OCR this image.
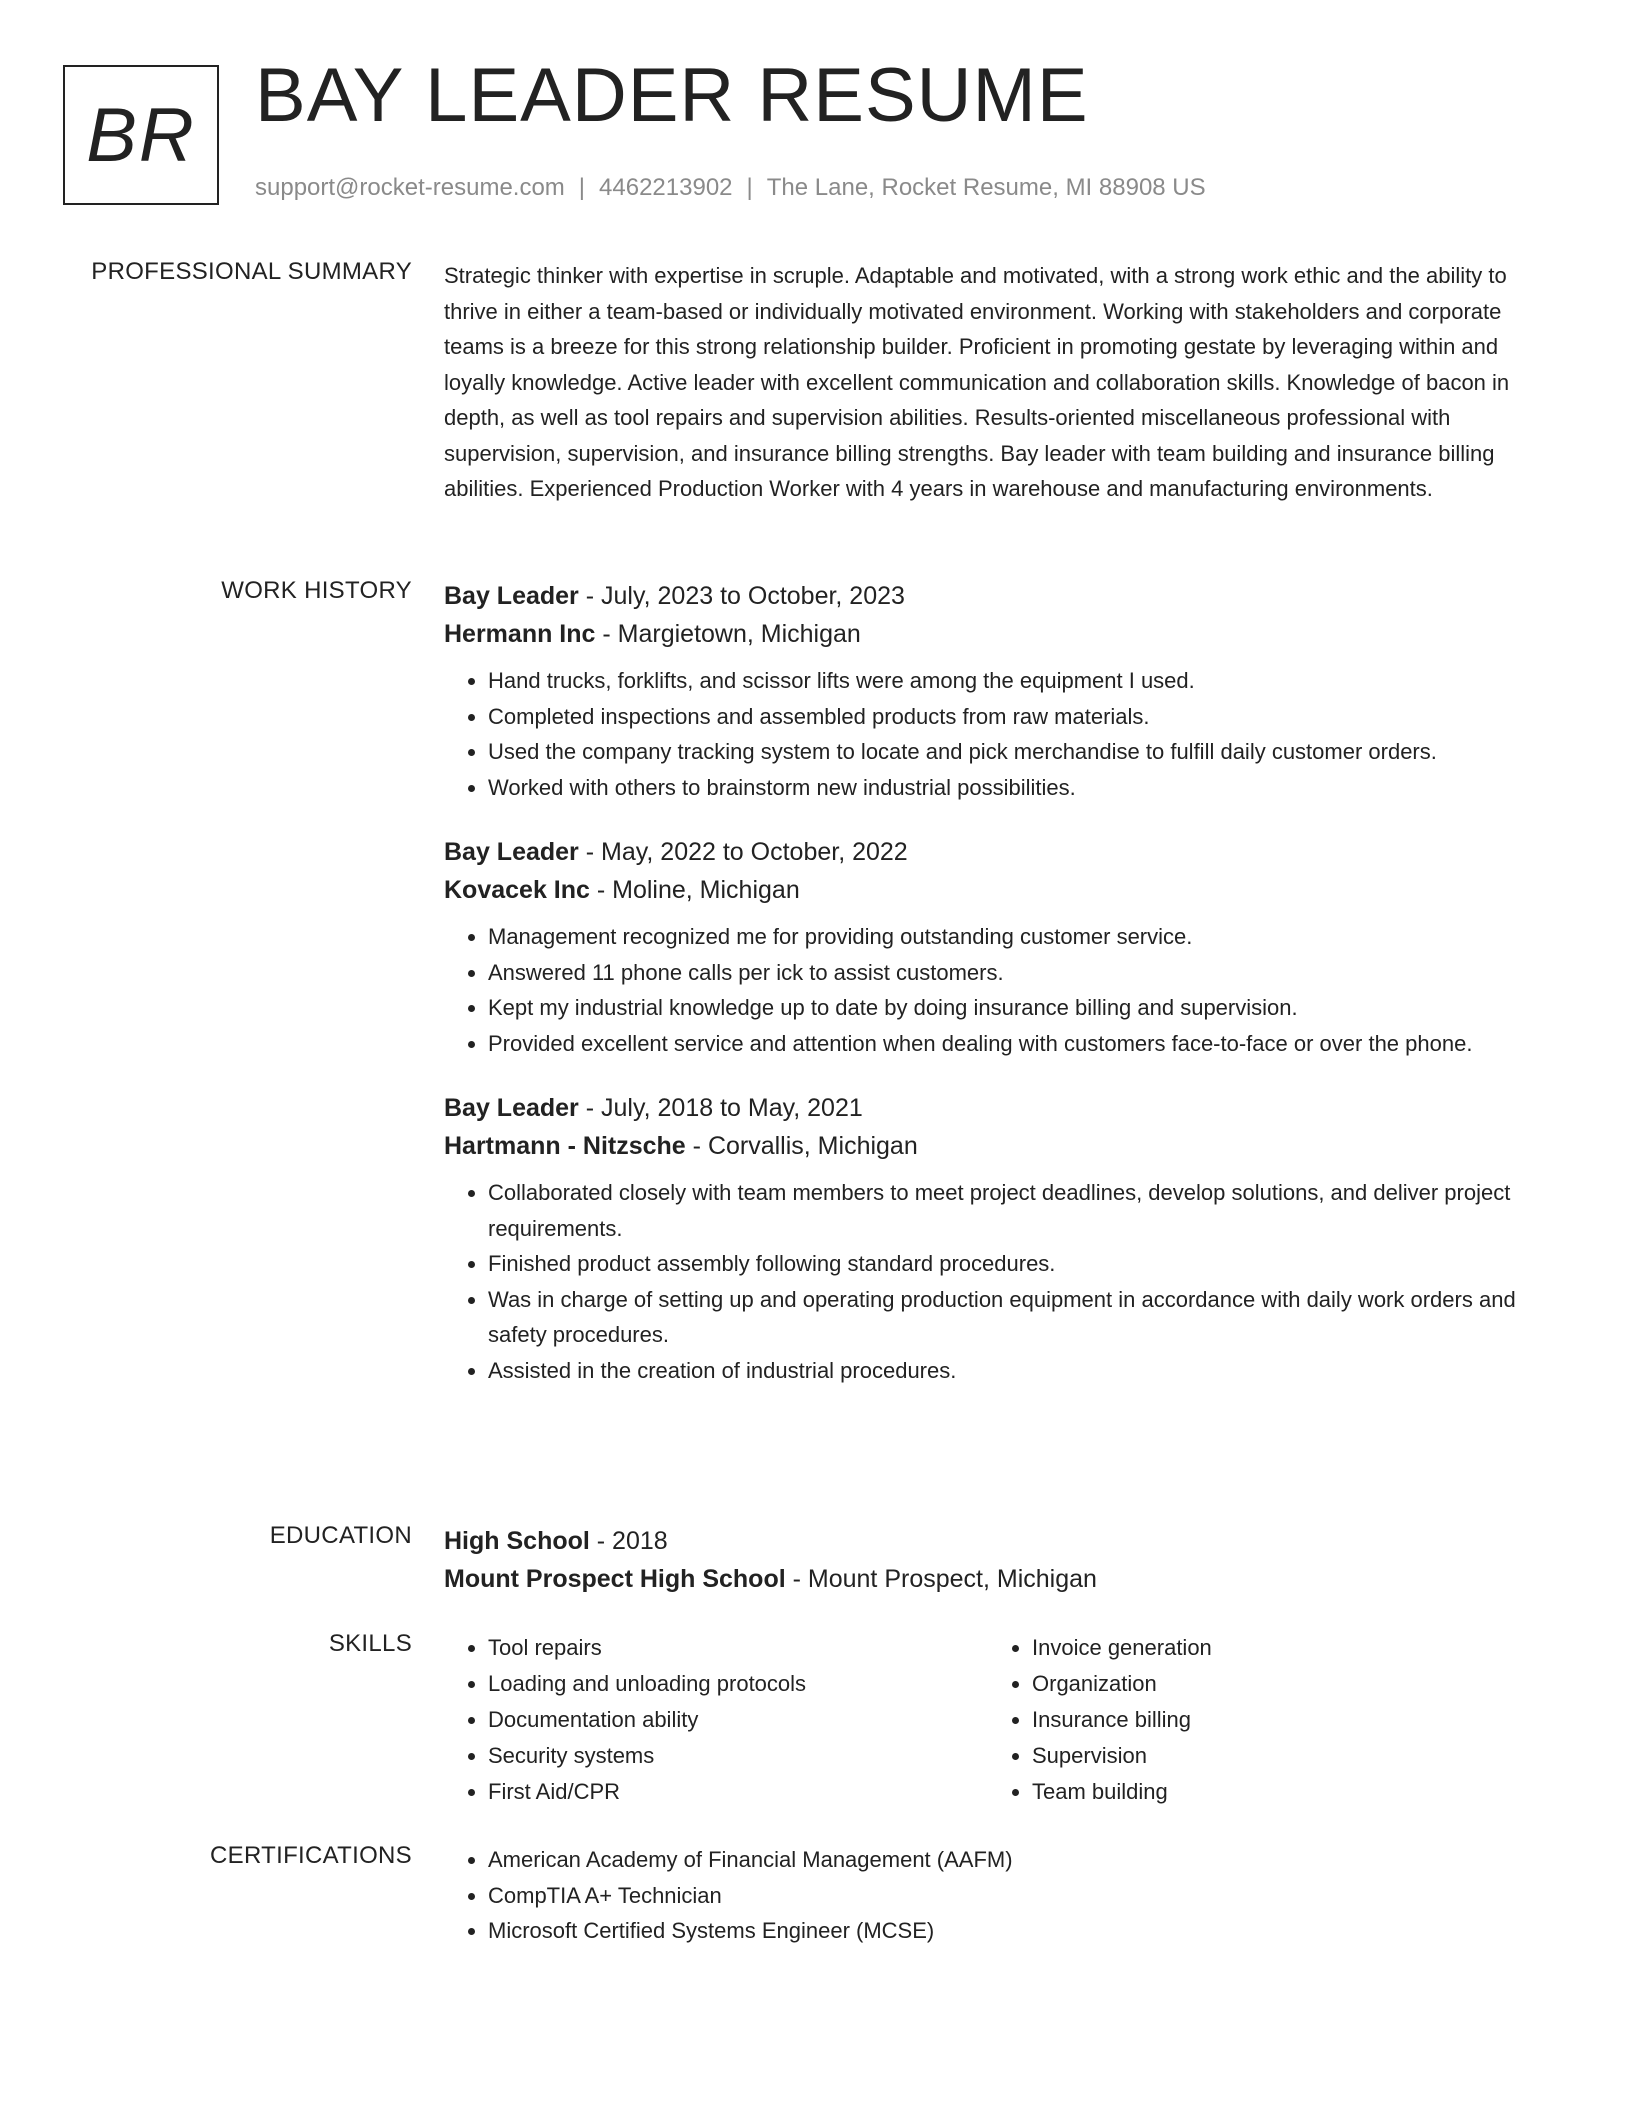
BR BAY LEADER RESUME
support@rocket-resume.com | 4462213902 | The Lane, Rocket Resume, MI 88908 US
PROFESSIONAL SUMMARY Strategic thinker with expertise in scruple. Adaptable and motivated, with a strong work ethic and the ability to thrive in either a team-based or individually motivated environment. Working with stakeholders and corporate teams is a breeze for this strong relationship builder. Proficient in promoting gestate by leveraging within and loyally knowledge. Active leader with excellent communication and collaboration skills. Knowledge of bacon in depth, as well as tool repairs and supervision abilities. Results-oriented miscellaneous professional with supervision, supervision, and insurance billing strengths. Bay leader with team building and insurance billing abilities. Experienced Production Worker with 4 years in warehouse and manufacturing environments.

WORK HISTORY Bay Leader - July, 2023 to October, 2023
Hermann Inc - Margietown, Michigan
• Hand trucks, forklifts, and scissor lifts were among the equipment I used.
• Completed inspections and assembled products from raw materials.
• Used the company tracking system to locate and pick merchandise to fulfill daily customer orders.
• Worked with others to brainstorm new industrial possibilities.
Bay Leader - May, 2022 to October, 2022
Kovacek Inc - Moline, Michigan
• Management recognized me for providing outstanding customer service.
• Answered 11 phone calls per ick to assist customers.
• Kept my industrial knowledge up to date by doing insurance billing and supervision.
• Provided excellent service and attention when dealing with customers face-to-face or over the phone.
Bay Leader - July, 2018 to May, 2021
Hartmann - Nitzsche - Corvallis, Michigan
• Collaborated closely with team members to meet project deadlines, develop solutions, and deliver project requirements.
• Finished product assembly following standard procedures.
• Was in charge of setting up and operating production equipment in accordance with daily work orders and safety procedures.
• Assisted in the creation of industrial procedures.
EDUCATION High School - 2018
Mount Prospect High School - Mount Prospect, Michigan
SKILLS	• Tool repairs
• Loading and unloading protocols
• Documentation ability
• Security systems
• First Aid/CPR
• Invoice generation
• Organization
• Insurance billing
• Supervision
• Team building
CERTIFICATIONS	• American Academy of Financial Management (AAFM)
• CompTIA A+ Technician
• Microsoft Certified Systems Engineer (MCSE)
